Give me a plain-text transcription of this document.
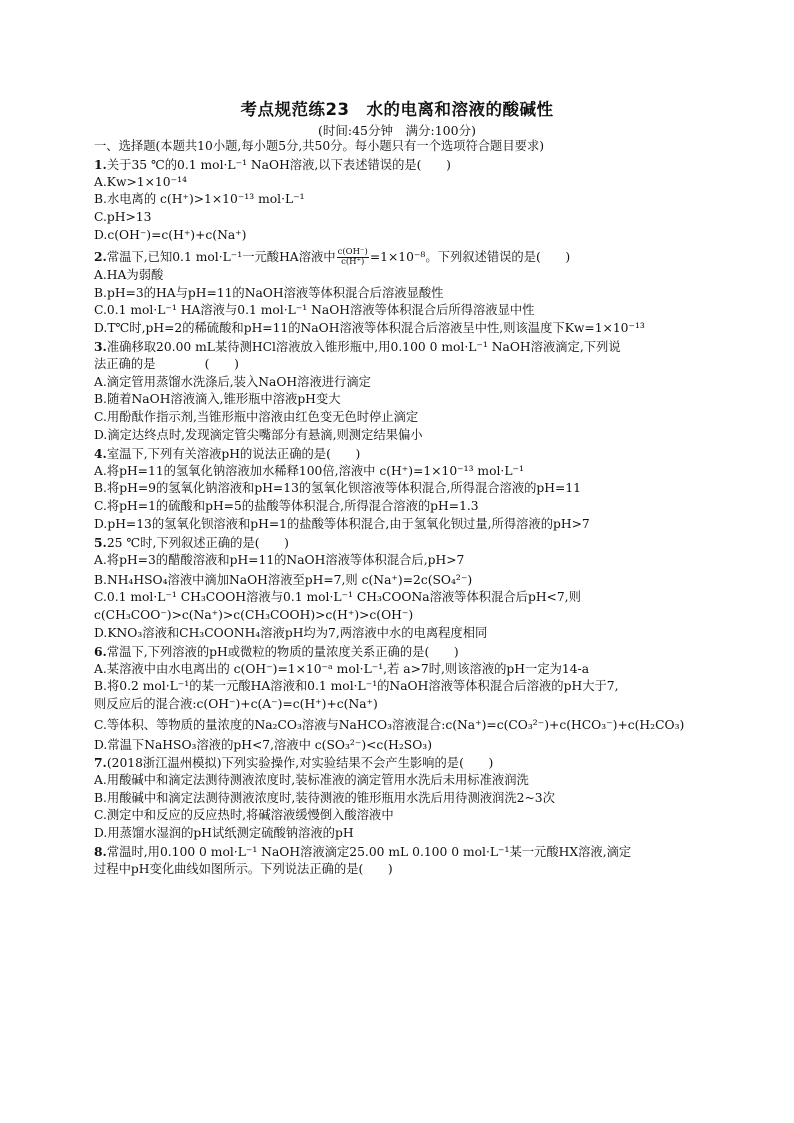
考点规范练23　水的电离和溶液的酸碱性
(时间:45分钟　满分:100分)
一、选择题(本题共10小题,每小题5分,共50分。每小题只有一个选项符合题目要求)
1.关于35 ℃的0.1 mol·L⁻¹ NaOH溶液,以下表述错误的是(　　)
A.Kw>1×10⁻¹⁴
B.水电离的 c(H⁺)>1×10⁻¹³ mol·L⁻¹
C.pH>13
D.c(OH⁻)=c(H⁺)+c(Na⁺)
2.常温下,已知0.1 mol·L⁻¹一元酸HA溶液中 $\frac{c(OH^-)}{c(H^+)} =1\times 10^{-8}$。下列叙述错误的是(　　)
A.HA为弱酸
B.pH=3的HA与pH=11的NaOH溶液等体积混合后溶液显酸性
C.0.1 mol·L⁻¹ HA溶液与0.1 mol·L⁻¹ NaOH溶液等体积混合后所得溶液显中性
D.T℃时,pH=2的稀硫酸和pH=11的NaOH溶液等体积混合后溶液呈中性,则该温度下Kw=1×10⁻¹³
3.准确移取20.00 mL某待测HCl溶液放入锥形瓶中,用0.100 0 mol·L⁻¹ NaOH溶液滴定,下列说
法正确的是　　　　(　　)
A.滴定管用蒸馏水洗涤后,装入NaOH溶液进行滴定
B.随着NaOH溶液滴入,锥形瓶中溶液pH变大
C.用酚酞作指示剂,当锥形瓶中溶液由红色变无色时停止滴定
D.滴定达终点时,发现滴定管尖嘴部分有悬滴,则测定结果偏小
4.室温下,下列有关溶液pH的说法正确的是(　　)
A.将pH=11的氢氧化钠溶液加水稀释100倍,溶液中 c(H⁺)=1×10⁻¹³ mol·L⁻¹
B.将pH=9的氢氧化钠溶液和pH=13的氢氧化钡溶液等体积混合,所得混合溶液的pH=11
C.将pH=1的硫酸和pH=5的盐酸等体积混合,所得混合溶液的pH=1.3
D.pH=13的氢氧化钡溶液和pH=1的盐酸等体积混合,由于氢氧化钡过量,所得溶液的pH>7
5.25 ℃时,下列叙述正确的是(　　)
A.将pH=3的醋酸溶液和pH=11的NaOH溶液等体积混合后,pH>7
B.NH₄HSO₄溶液中滴加NaOH溶液至pH=7,则 c(Na⁺)=2c(SO₄²⁻)
C.0.1 mol·L⁻¹ CH₃COOH溶液与0.1 mol·L⁻¹ CH₃COONa溶液等体积混合后pH<7,则
c(CH₃COO⁻)>c(Na⁺)>c(CH₃COOH)>c(H⁺)>c(OH⁻)
D.KNO₃溶液和CH₃COONH₄溶液pH均为7,两溶液中水的电离程度相同
6.常温下,下列溶液的pH或微粒的物质的量浓度关系正确的是(　　)
A.某溶液中由水电离出的 c(OH⁻)=1×10⁻ᵃ mol·L⁻¹,若 a>7时,则该溶液的pH一定为14-a
B.将0.2 mol·L⁻¹的某一元酸HA溶液和0.1 mol·L⁻¹的NaOH溶液等体积混合后溶液的pH大于7,
则反应后的混合液:c(OH⁻)+c(A⁻)=c(H⁺)+c(Na⁺)
C.等体积、等物质的量浓度的Na₂CO₃溶液与NaHCO₃溶液混合:c(Na⁺)=c(CO₃²⁻)+c(HCO₃⁻)+c(H₂CO₃)
D.常温下NaHSO₃溶液的pH<7,溶液中 c(SO₃²⁻)<c(H₂SO₃)
7.(2018浙江温州模拟)下列实验操作,对实验结果不会产生影响的是(　　)
A.用酸碱中和滴定法测待测液浓度时,装标准液的滴定管用水洗后未用标准液润洗
B.用酸碱中和滴定法测待测液浓度时,装待测液的锥形瓶用水洗后用待测液润洗2~3次
C.测定中和反应的反应热时,将碱溶液缓慢倒入酸溶液中
D.用蒸馏水湿润的pH试纸测定硫酸钠溶液的pH
8.常温时,用0.100 0 mol·L⁻¹ NaOH溶液滴定25.00 mL 0.100 0 mol·L⁻¹某一元酸HX溶液,滴定
过程中pH变化曲线如图所示。下列说法正确的是(　　)
